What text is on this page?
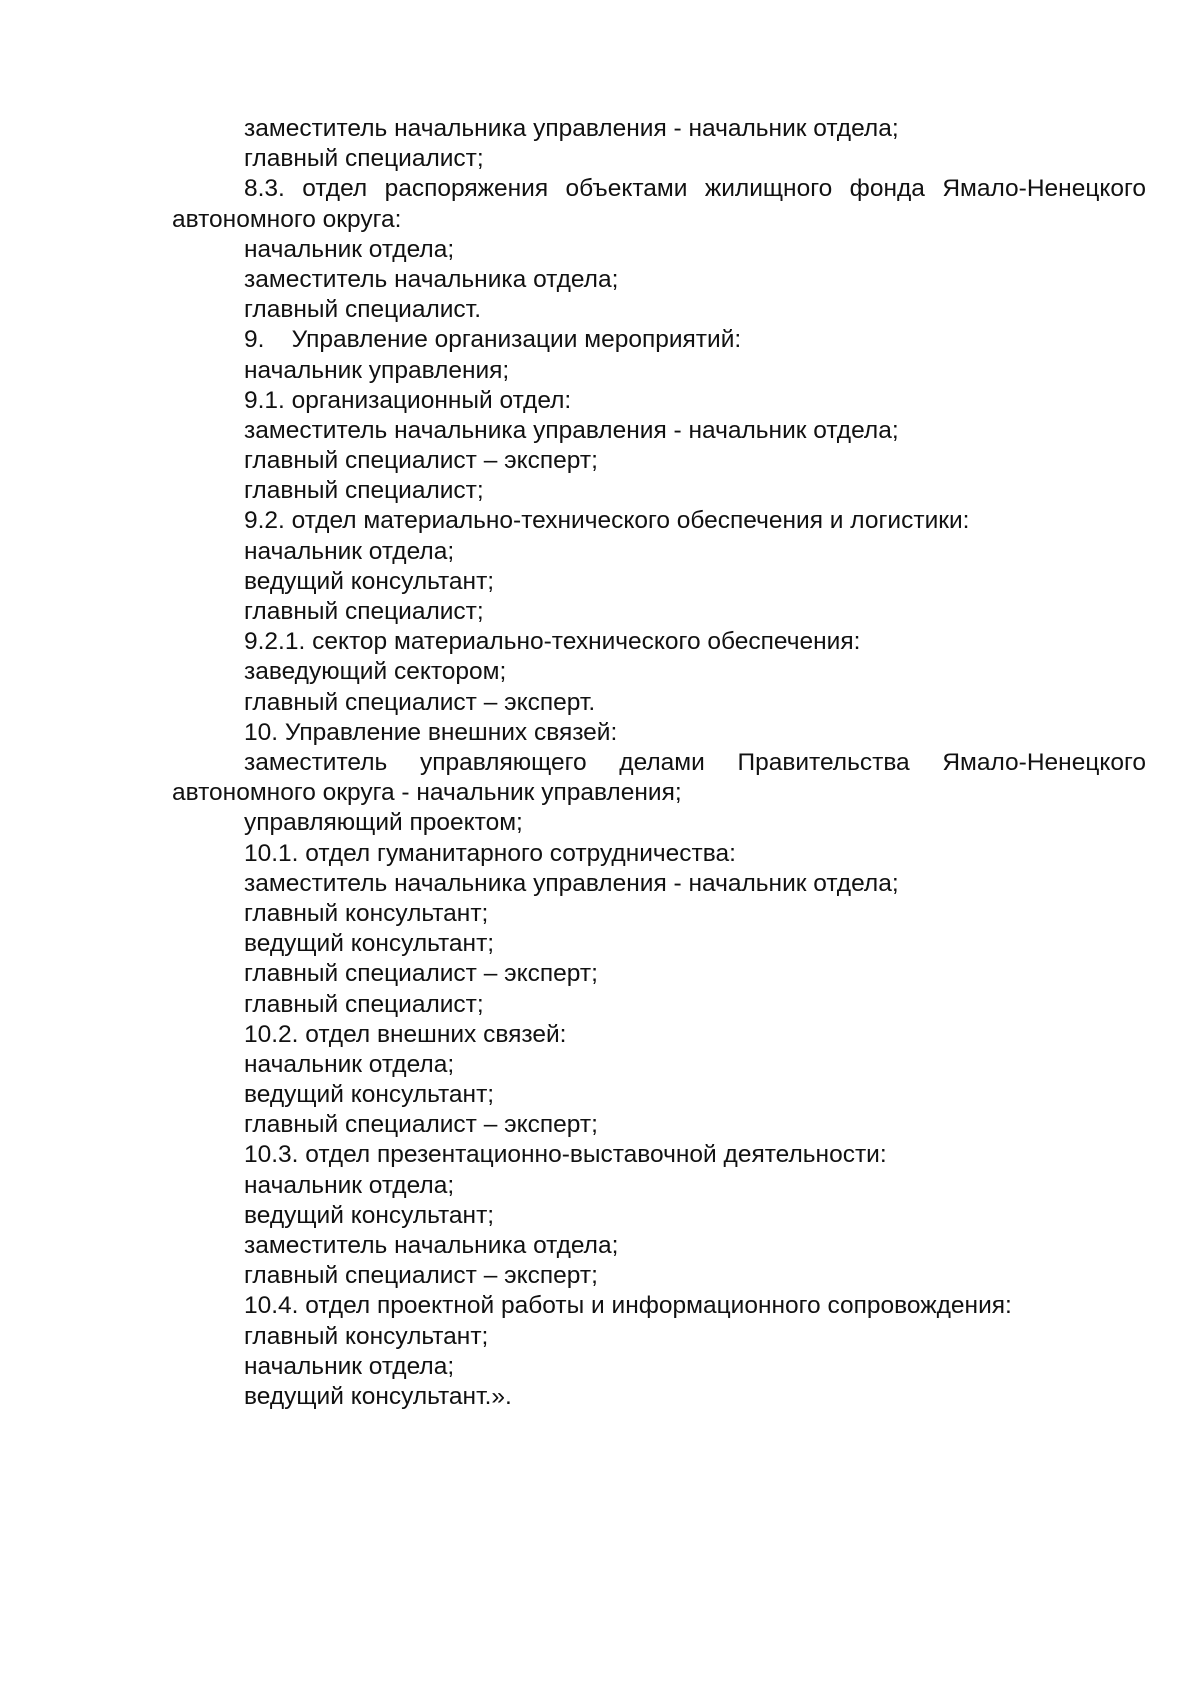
заместитель начальника управления - начальник отдела;
главный специалист;
8.3. отдел распоряжения объектами жилищного фонда Ямало-Ненецкого автономного округа:
начальник отдела;
заместитель начальника отдела;
главный специалист.
9.    Управление организации мероприятий:
начальник управления;
9.1. организационный отдел:
заместитель начальника управления - начальник отдела;
главный специалист – эксперт;
главный специалист;
9.2. отдел материально-технического обеспечения и логистики:
начальник отдела;
ведущий консультант;
главный специалист;
9.2.1. сектор материально-технического обеспечения:
заведующий сектором;
главный специалист – эксперт.
10. Управление внешних связей:
заместитель управляющего делами Правительства Ямало-Ненецкого автономного округа - начальник управления;
управляющий проектом;
10.1. отдел гуманитарного сотрудничества:
заместитель начальника управления - начальник отдела;
главный консультант;
ведущий консультант;
главный специалист – эксперт;
главный специалист;
10.2. отдел внешних связей:
начальник отдела;
ведущий консультант;
главный специалист – эксперт;
10.3. отдел презентационно-выставочной деятельности:
начальник отдела;
ведущий консультант;
заместитель начальника отдела;
главный специалист – эксперт;
10.4. отдел проектной работы и информационного сопровождения:
главный консультант;
начальник отдела;
ведущий консультант.».
